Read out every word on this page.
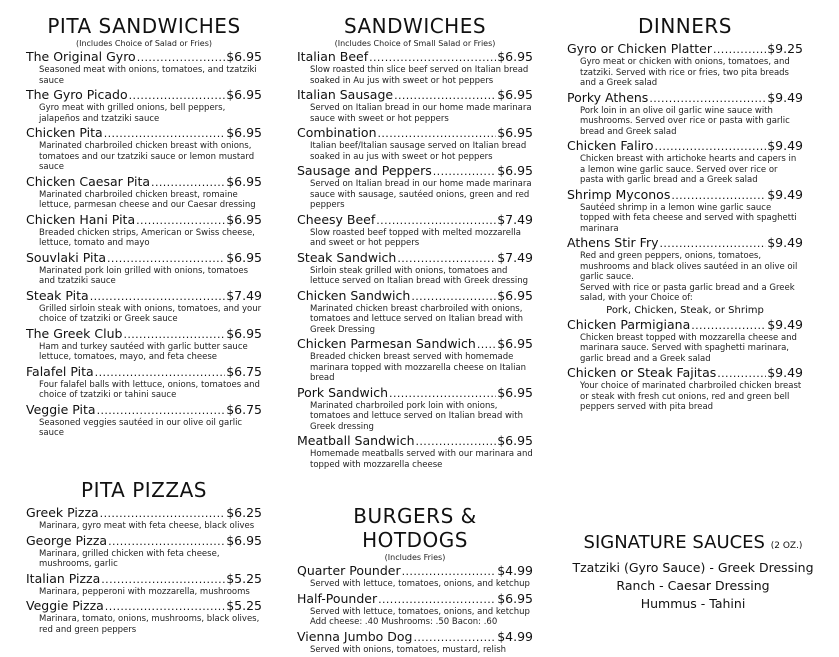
PITA SANDWICHES
(Includes Choice of Salad or Fries)
The Original Gyro .....	$6.95
Seasoned meat with onions, tomatoes, and tzatziki sauce
The Gyro Picado .....	$6.95
Gyro meat with grilled onions, bell peppers, jalapeños and tzatziki sauce
Chicken Pita .....	$6.95
Marinated charbroiled chicken breast with onions, tomatoes and our tzatziki sauce or lemon mustard sauce
Chicken Caesar Pita .....	$6.95
Marinated charbroiled chicken breast, romaine lettuce, parmesan cheese and our Caesar dressing
Chicken Hani Pita .....	$6.95
Breaded chicken strips, American or Swiss cheese, lettuce, tomato and mayo
Souvlaki Pita .....	$6.95
Marinated pork loin grilled with onions, tomatoes and tzatziki sauce
Steak Pita .....	$7.49
Grilled sirloin steak with onions, tomatoes, and your choice of tzatziki or Greek sauce
The Greek Club .....	$6.95
Ham and turkey sautéed with garlic butter sauce lettuce, tomatoes, mayo, and feta cheese
Falafel Pita .....	$6.75
Four falafel balls with lettuce, onions, tomatoes and choice of tzatziki or tahini sauce
Veggie Pita .....	$6.75
Seasoned veggies sautéed in our olive oil garlic sauce
PITA PIZZAS
Greek Pizza .....	$6.25
Marinara, gyro meat with feta cheese, black olives
George Pizza .....	$6.95
Marinara, grilled chicken with feta cheese, mushrooms, garlic
Italian Pizza .....	$5.25
Marinara, pepperoni with mozzarella, mushrooms
Veggie Pizza .....	$5.25
Marinara, tomato, onions, mushrooms, black olives, red and green peppers
SANDWICHES
(Includes Choice of Small Salad or Fries)
Italian Beef .....	$6.95
Slow roasted thin slice beef served on Italian bread soaked in Au jus with sweet or hot peppers
Italian Sausage .....	$6.95
Served on Italian bread in our home made marinara sauce with sweet or hot peppers
Combination .....	$6.95
Italian beef/Italian sausage served on Italian bread soaked in au jus with sweet or hot peppers
Sausage and Peppers .....	$6.95
Served on Italian bread in our home made marinara sauce with sausage, sautéed onions, green and red peppers
Cheesy Beef .....	$7.49
Slow roasted beef topped with melted mozzarella and sweet or hot peppers
Steak Sandwich .....	$7.49
Sirloin steak grilled with onions, tomatoes and lettuce served on Italian bread with Greek dressing
Chicken Sandwich .....	$6.95
Marinated chicken breast charbroiled with onions, tomatoes and lettuce served on Italian bread with Greek Dressing
Chicken Parmesan Sandwich ..... $6.95
Breaded chicken breast served with homemade marinara topped with mozzarella cheese on Italian bread
Pork Sandwich .....	$6.95
Marinated charbroiled pork loin with onions, tomatoes and lettuce served on Italian bread with Greek dressing
Meatball Sandwich .....	$6.95
Homemade meatballs served with our marinara and topped with mozzarella cheese
BURGERS & HOTDOGS
(Includes Fries)
Quarter Pounder .....	$4.99
Served with lettuce, tomatoes, onions, and ketchup
Half-Pounder .....	$6.95
Served with lettuce, tomatoes, onions, and ketchup
Add cheese: .40 Mushrooms: .50 Bacon: .60
Vienna Jumbo Dog .....	$4.99
Served with onions, tomatoes, mustard, relish
DINNERS
Gyro or Chicken Platter .....	$9.25
Gyro meat or chicken with onions, tomatoes, and tzatziki. Served with rice or fries, two pita breads and a Greek salad
Porky Athens .....	$9.49
Pork loin in an olive oil garlic wine sauce with mushrooms. Served over rice or pasta with garlic bread and Greek salad
Chicken Faliro .....	$9.49
Chicken breast with artichoke hearts and capers in a lemon wine garlic sauce. Served over rice or pasta with garlic bread and a Greek salad
Shrimp Myconos .....	$9.49
Sautéed shrimp in a lemon wine garlic sauce topped with feta cheese and served with spaghetti marinara
Athens Stir Fry .....	$9.49
Red and green peppers, onions, tomatoes, mushrooms and black olives sautéed in an olive oil garlic sauce.
Served with rice or pasta garlic bread and a Greek salad, with your Choice of:
Pork, Chicken, Steak, or Shrimp
Chicken Parmigiana .....	$9.49
Chicken breast topped with mozzarella cheese and marinara sauce. Served with spaghetti marinara, garlic bread and a Greek salad
Chicken or Steak Fajitas .....	$9.49
Your choice of marinated charbroiled chicken breast or steak with fresh cut onions, red and green bell peppers served with pita bread
SIGNATURE SAUCES (2 OZ.)
Tzatziki (Gyro Sauce) - Greek Dressing
Ranch - Caesar Dressing
Hummus - Tahini
